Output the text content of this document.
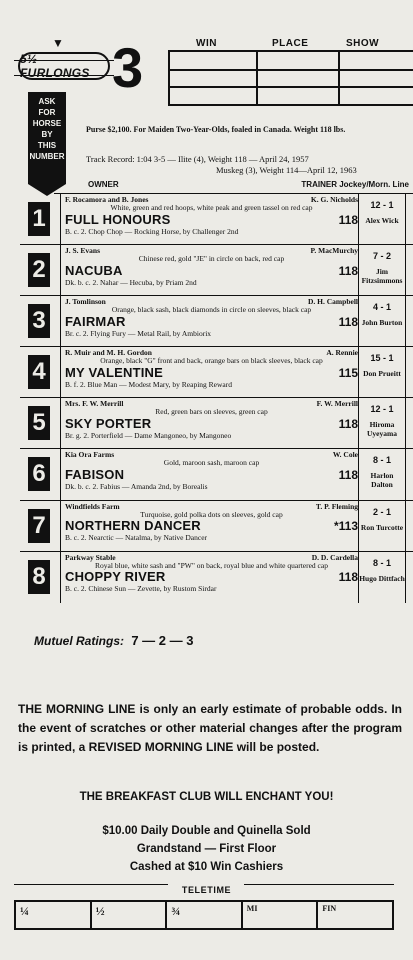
▼
5½ FURLONGS 3
ASK
FOR
HORSE
BY
THIS
NUMBER
WIN	PLACE	SHOW
Purse $2,100. For Maiden Two-Year-Olds, foaled in Canada. Weight 118 lbs.
Track Record: 1:04 3-5 — Ilite (4), Weight 118 — April 24, 1957
Muskeg (3), Weight 114—April 12, 1963
OWNER	TRAINER Jockey/Morn. Line
1
F. Rocamora and B. Jones	K. G. Nicholds
White, green and red hoops, white peak and green tassel on red cap
FULL HONOURS	118
B. c. 2. Chop Chop — Rocking Horse, by Challenger 2nd
12 - 1
Alex Wick
2
J. S. Evans	P. MacMurchy
Chinese red, gold "JE" in circle on back, red cap
NACUBA	118
Dk. b. c. 2. Nahar — Hecuba, by Priam 2nd
7 - 2
Jim Fitzsimmons
3
J. Tomlinson	D. H. Campbell
Orange, black sash, black diamonds in circle on sleeves, black cap
FAIRMAR	118
Br. c. 2. Flying Fury — Metal Rail, by Ambiorix
4 - 1
John Burton
4
R. Muir and M. H. Gordon	A. Rennie
Orange, black "G" front and back, orange bars on black sleeves, black cap
MY VALENTINE	115
B. f. 2. Blue Man — Modest Mary, by Reaping Reward
15 - 1
Don Prueitt
5
Mrs. F. W. Merrill	F. W. Merrill
Red, green bars on sleeves, green cap
SKY PORTER	118
Br. g. 2. Porterfield — Dame Mangoneo, by Mangoneo
12 - 1
Hiroma Uyeyama
6
Kia Ora Farms	W. Cole
Gold, maroon sash, maroon cap
FABISON	118
Dk. b. c. 2. Fabius — Amanda 2nd, by Borealis
8 - 1
Harlon Dalton
7
Windfields Farm	T. P. Fleming
Turquoise, gold polka dots on sleeves, gold cap
NORTHERN DANCER	*113
B. c. 2. Nearctic — Natalma, by Native Dancer
2 - 1
Ron Turcotte
8
Parkway Stable	D. D. Cardella
Royal blue, white sash and "PW" on back, royal blue and white quartered cap
CHOPPY RIVER	118
B. c. 2. Chinese Sun — Zevette, by Rustom Sirdar
8 - 1
Hugo Dittfach
Mutuel Ratings: 7 — 2 — 3
THE MORNING LINE is only an early estimate of probable odds. In the event of scratches or other material changes after the program is printed, a REVISED MORNING LINE will be posted.
THE BREAKFAST CLUB WILL ENCHANT YOU!
$10.00 Daily Double and Quinella Sold
Grandstand — First Floor
Cashed at $10 Win Cashiers
TELETIME
¼	½	¾	MI	FIN
